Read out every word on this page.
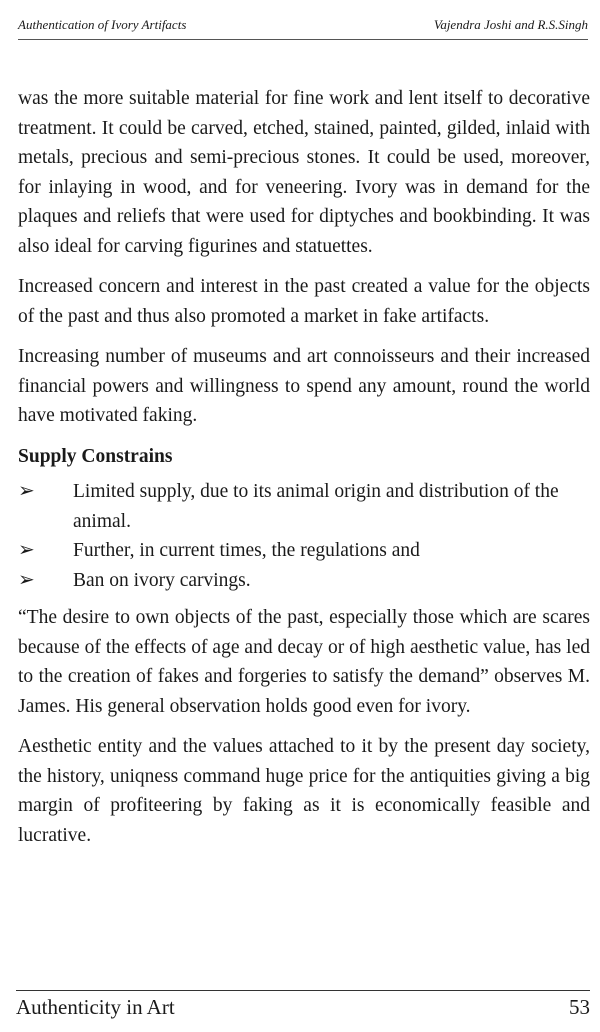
Authentication of Ivory Artifacts	Vajendra Joshi and R.S.Singh

was the more suitable material for fine work and lent itself to decorative treatment. It could be carved, etched, stained, painted, gilded, inlaid with metals, precious and semi-precious stones. It could be used, moreover, for inlaying in wood, and for veneering. Ivory was in demand for the plaques and reliefs that were used for diptyches and bookbinding. It was also ideal for carving figurines and statuettes.

Increased concern and interest in the past created a value for the objects of the past and thus also promoted a market in fake artifacts.

Increasing number of museums and art connoisseurs and their increased financial powers and willingness to spend any amount, round the world have motivated faking.

Supply Constrains
➢	Limited supply, due to its animal origin and distribution of the animal.
➢	Further, in current times, the regulations and
➢	Ban on ivory carvings.

“The desire to own objects of the past, especially those which are scares because of the effects of age and decay or of high aesthetic value, has led to the creation of fakes and forgeries to satisfy the demand” observes M. James. His general observation holds good even for ivory.

Aesthetic entity and the values attached to it by the present day society, the history, uniqness command huge price for the antiquities giving a big margin of profiteering by faking as it is economically feasible and lucrative.

Authenticity in Art	53
